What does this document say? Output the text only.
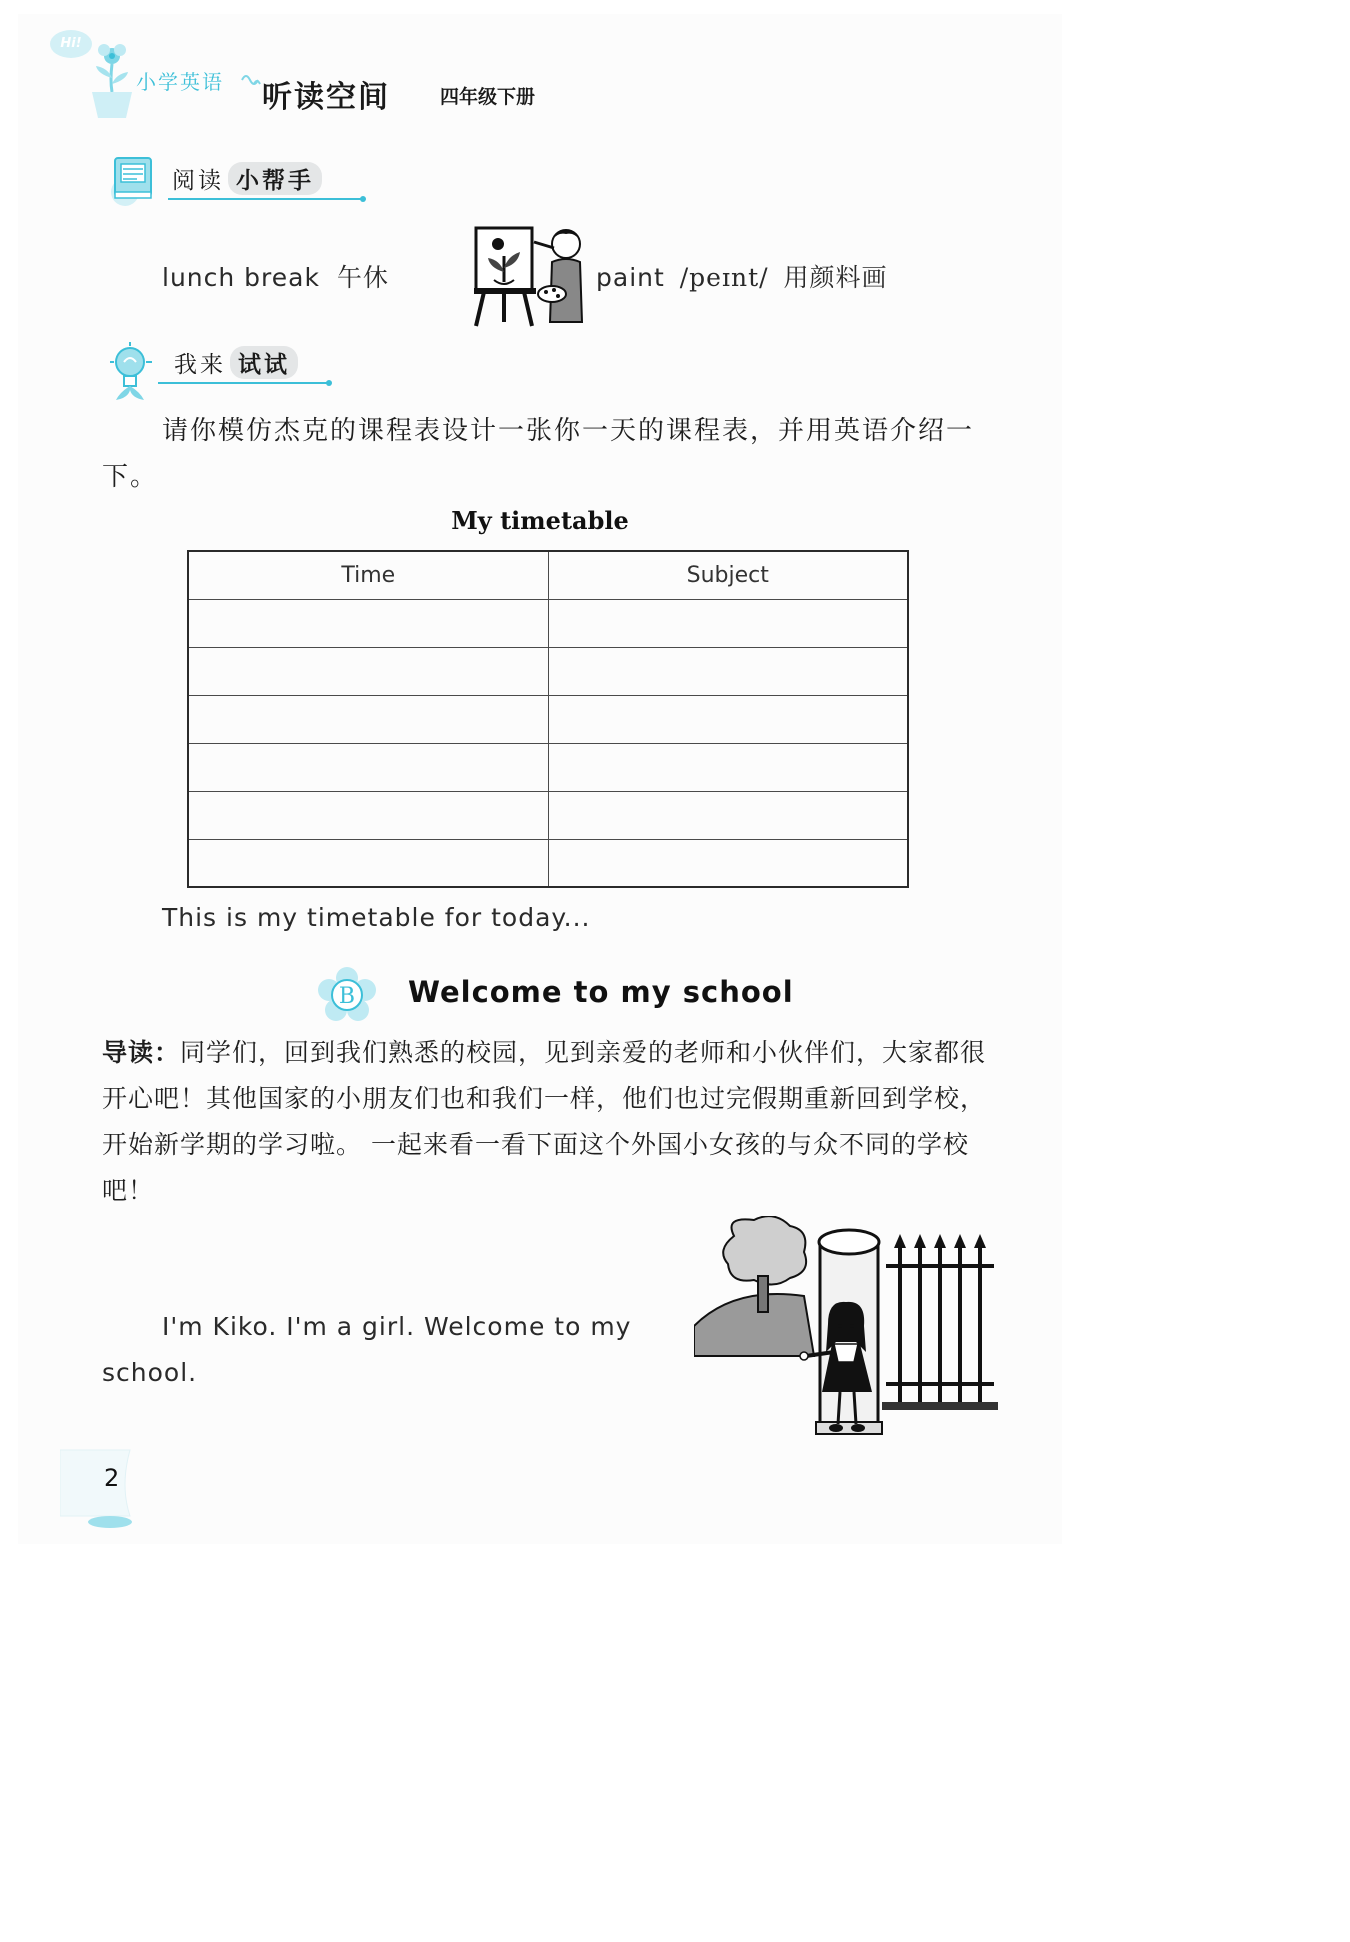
Hi!
小学英语 听读空间	四年级下册
阅读 小帮手
lunch break 午休	paint /peɪnt/ 用颜料画
我来 试试
请你模仿杰克的课程表设计一张你一天的课程表，并用英语介绍一下。
My timetable
Time	Subject

This is my timetable for today...
B Welcome to my school
导读：同学们，回到我们熟悉的校园，见到亲爱的老师和小伙伴们，大家都很开心吧！其他国家的小朋友们也和我们一样，他们也过完假期重新回到学校，开始新学期的学习啦。 一起来看一看下面这个外国小女孩的与众不同的学校吧！
I'm Kiko. I'm a girl. Welcome to my school.
2
